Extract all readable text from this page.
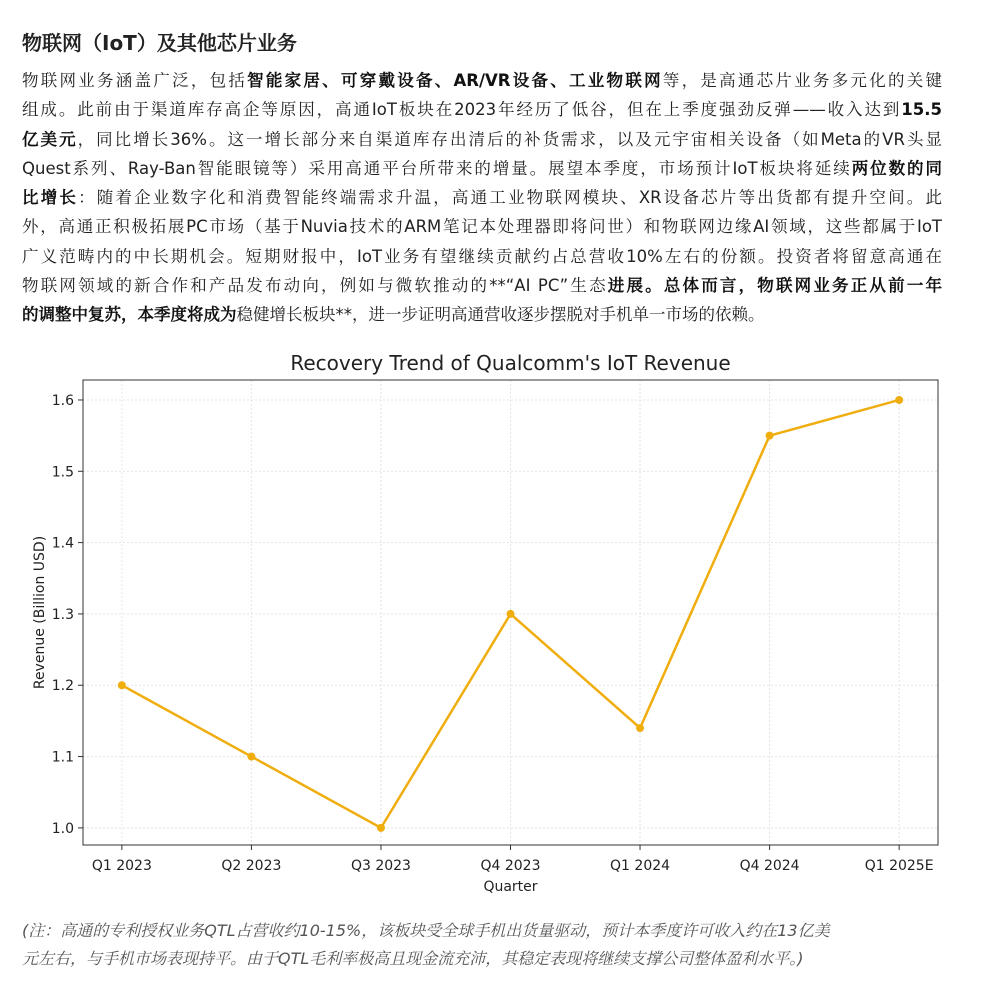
物联网（IoT）及其他芯片业务
物联网业务涵盖广泛，包括智能家居、可穿戴设备、AR/VR设备、工业物联网等，是高通芯片业务多元化的关键
组成。此前由于渠道库存高企等原因，高通IoT板块在2023年经历了低谷，但在上季度强劲反弹——收入达到15.5
亿美元，同比增长36%。这一增长部分来自渠道库存出清后的补货需求，以及元宇宙相关设备（如Meta的VR头显
Quest系列、Ray-Ban智能眼镜等）采用高通平台所带来的增量。展望本季度，市场预计IoT板块将延续两位数的同
比增长：随着企业数字化和消费智能终端需求升温，高通工业物联网模块、XR设备芯片等出货都有提升空间。此
外，高通正积极拓展PC市场（基于Nuvia技术的ARM笔记本处理器即将问世）和物联网边缘AI领域，这些都属于IoT
广义范畴内的中长期机会。短期财报中，IoT业务有望继续贡献约占总营收10%左右的份额。投资者将留意高通在
物联网领域的新合作和产品发布动向，例如与微软推动的**“AI PC”生态进展。总体而言，物联网业务正从前一年
的调整中复苏，本季度将成为稳健增长板块**，进一步证明高通营收逐步摆脱对手机单一市场的依赖。
1.0
1.1
1.2
1.3
1.4
1.5
1.6
Q1 2023	Q2 2023	Q3 2023	Q4 2023	Q1 2024	Q4 2024	Q1 2025E
Recovery Trend of Qualcomm's IoT Revenue
Quarter
Revenue (Billion USD)
(注：高通的专利授权业务QTL占营收约10-15%，该板块受全球手机出货量驱动，预计本季度许可收入约在13亿美
元左右，与手机市场表现持平。由于QTL毛利率极高且现金流充沛，其稳定表现将继续支撑公司整体盈利水平。)
